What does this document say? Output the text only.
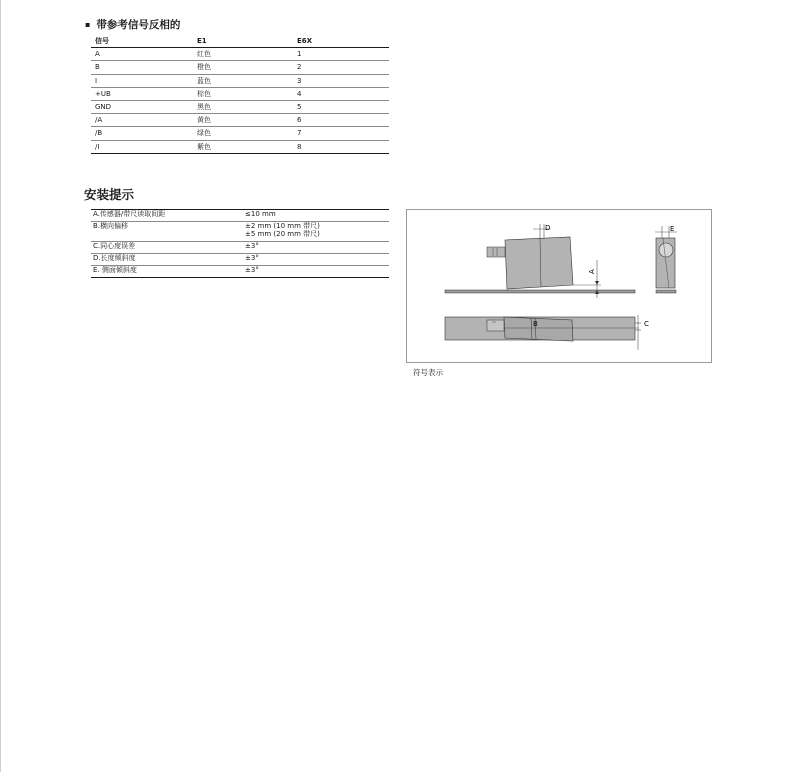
▪ 带参考信号反相的
信号	E1	E6X
A	红色	1
B	橙色	2
I	蓝色	3
+UB	棕色	4
GND	黑色	5
/A	黄色	6
/B	绿色	7
/I	紫色	8
安装提示
A.传感器/带尺读取间距	≤10 mm
B.横向偏移	±2 mm (10 mm 带尺)
±5 mm (20 mm 带尺)

C.同心度误差	±3°
D.长度倾斜度	±3°
E. 侧面倾斜度	±3°
D
A
E
B	C
符号表示
